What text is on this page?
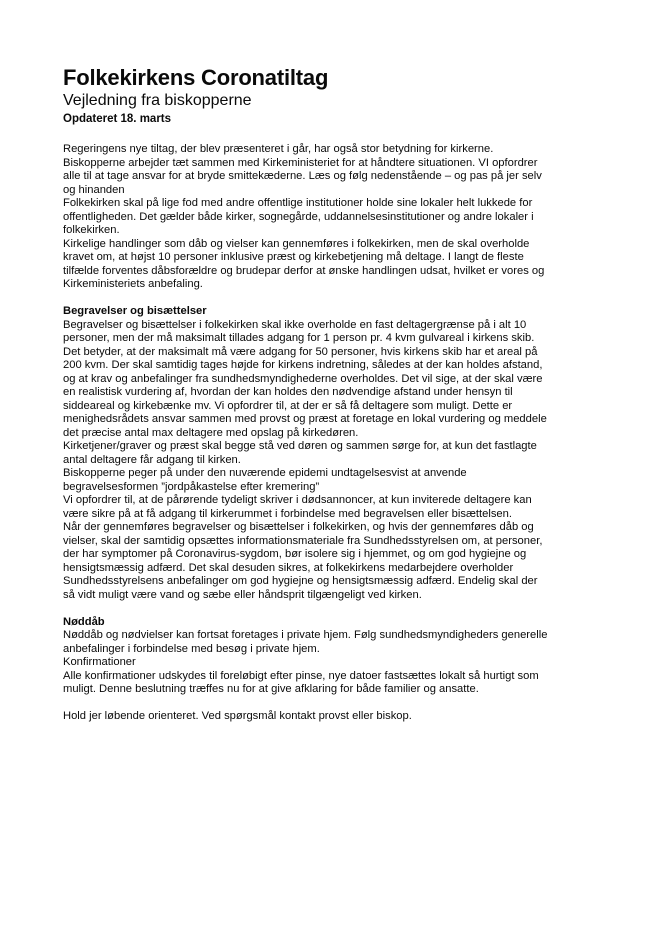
Folkekirkens Coronatiltag
Vejledning fra biskopperne
Opdateret 18. marts
Regeringens nye tiltag, der blev præsenteret i går, har også stor betydning for kirkerne.
Biskopperne arbejder tæt sammen med Kirkeministeriet for at håndtere situationen. VI opfordrer
alle til at tage ansvar for at bryde smittekæderne. Læs og følg nedenstående – og pas på jer selv
og hinanden
Folkekirken skal på lige fod med andre offentlige institutioner holde sine lokaler helt lukkede for
offentligheden. Det gælder både kirker, sognegårde, uddannelsesinstitutioner og andre lokaler i
folkekirken.
Kirkelige handlinger som dåb og vielser kan gennemføres i folkekirken, men de skal overholde
kravet om, at højst 10 personer inklusive præst og kirkebetjening må deltage. I langt de fleste
tilfælde forventes dåbsforældre og brudepar derfor at ønske handlingen udsat, hvilket er vores og
Kirkeministeriets anbefaling.
Begravelser og bisættelser
Begravelser og bisættelser i folkekirken skal ikke overholde en fast deltagergrænse på i alt 10
personer, men der må maksimalt tillades adgang for 1 person pr. 4 kvm gulvareal i kirkens skib.
Det betyder, at der maksimalt må være adgang for 50 personer, hvis kirkens skib har et areal på
200 kvm. Der skal samtidig tages højde for kirkens indretning, således at der kan holdes afstand,
og at krav og anbefalinger fra sundhedsmyndighederne overholdes. Det vil sige, at der skal være
en realistisk vurdering af, hvordan der kan holdes den nødvendige afstand under hensyn til
siddeareal og kirkebænke mv. Vi opfordrer til, at der er så få deltagere som muligt. Dette er
menighedsrådets ansvar sammen med provst og præst at foretage en lokal vurdering og meddele
det præcise antal max deltagere med opslag på kirkedøren.
Kirketjener/graver og præst skal begge stå ved døren og sammen sørge for, at kun det fastlagte
antal deltagere får adgang til kirken.
Biskopperne peger på under den nuværende epidemi undtagelsesvist at anvende
begravelsesformen ”jordpåkastelse efter kremering”
Vi opfordrer til, at de pårørende tydeligt skriver i dødsannoncer, at kun inviterede deltagere kan
være sikre på at få adgang til kirkerummet i forbindelse med begravelsen eller bisættelsen.
Når der gennemføres begravelser og bisættelser i folkekirken, og hvis der gennemføres dåb og
vielser, skal der samtidig opsættes informationsmateriale fra Sundhedsstyrelsen om, at personer,
der har symptomer på Coronavirus-sygdom, bør isolere sig i hjemmet, og om god hygiejne og
hensigtsmæssig adfærd. Det skal desuden sikres, at folkekirkens medarbejdere overholder
Sundhedsstyrelsens anbefalinger om god hygiejne og hensigtsmæssig adfærd. Endelig skal der
så vidt muligt være vand og sæbe eller håndsprit tilgængeligt ved kirken.
Nøddåb
Nøddåb og nødvielser kan fortsat foretages i private hjem. Følg sundhedsmyndigheders generelle
anbefalinger i forbindelse med besøg i private hjem.
Konfirmationer
Alle konfirmationer udskydes til foreløbigt efter pinse, nye datoer fastsættes lokalt så hurtigt som
muligt. Denne beslutning træffes nu for at give afklaring for både familier og ansatte.
Hold jer løbende orienteret. Ved spørgsmål kontakt provst eller biskop.
